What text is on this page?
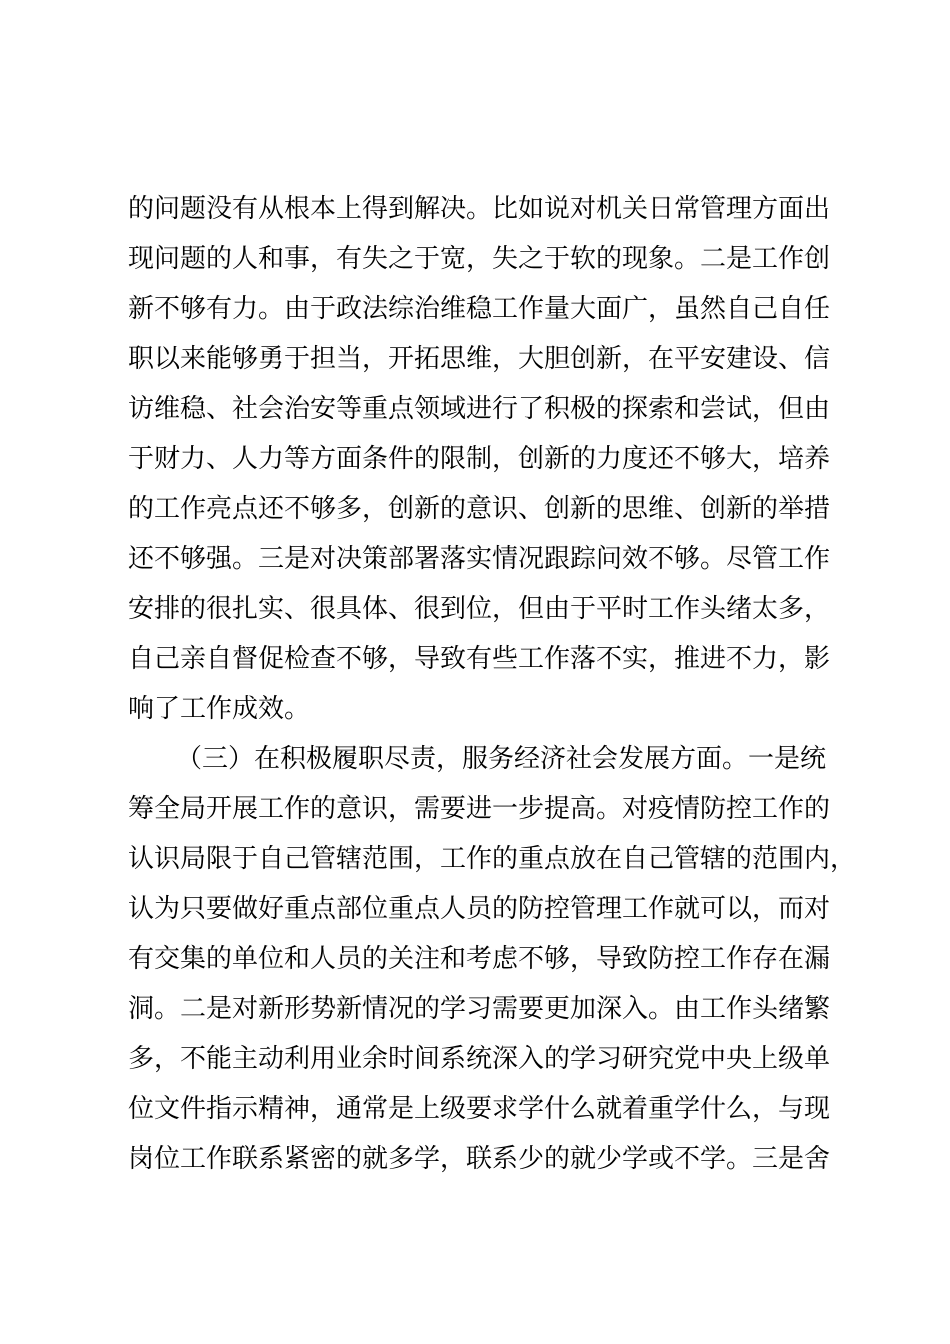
的问题没有从根本上得到解决。比如说对机关日常管理方面出
现问题的人和事，有失之于宽，失之于软的现象。二是工作创
新不够有力。由于政法综治维稳工作量大面广，虽然自己自任
职以来能够勇于担当，开拓思维，大胆创新，在平安建设、信
访维稳、社会治安等重点领域进行了积极的探索和尝试，但由
于财力、人力等方面条件的限制，创新的力度还不够大，培养
的工作亮点还不够多，创新的意识、创新的思维、创新的举措
还不够强。三是对决策部署落实情况跟踪问效不够。尽管工作
安排的很扎实、很具体、很到位，但由于平时工作头绪太多，
自己亲自督促检查不够，导致有些工作落不实，推进不力，影
响了工作成效。
（三）在积极履职尽责，服务经济社会发展方面。一是统
筹全局开展工作的意识，需要进一步提高。对疫情防控工作的
认识局限于自己管辖范围，工作的重点放在自己管辖的范围内，
认为只要做好重点部位重点人员的防控管理工作就可以，而对
有交集的单位和人员的关注和考虑不够，导致防控工作存在漏
洞。二是对新形势新情况的学习需要更加深入。由工作头绪繁
多，不能主动利用业余时间系统深入的学习研究党中央上级单
位文件指示精神，通常是上级要求学什么就着重学什么，与现
岗位工作联系紧密的就多学，联系少的就少学或不学。三是舍
